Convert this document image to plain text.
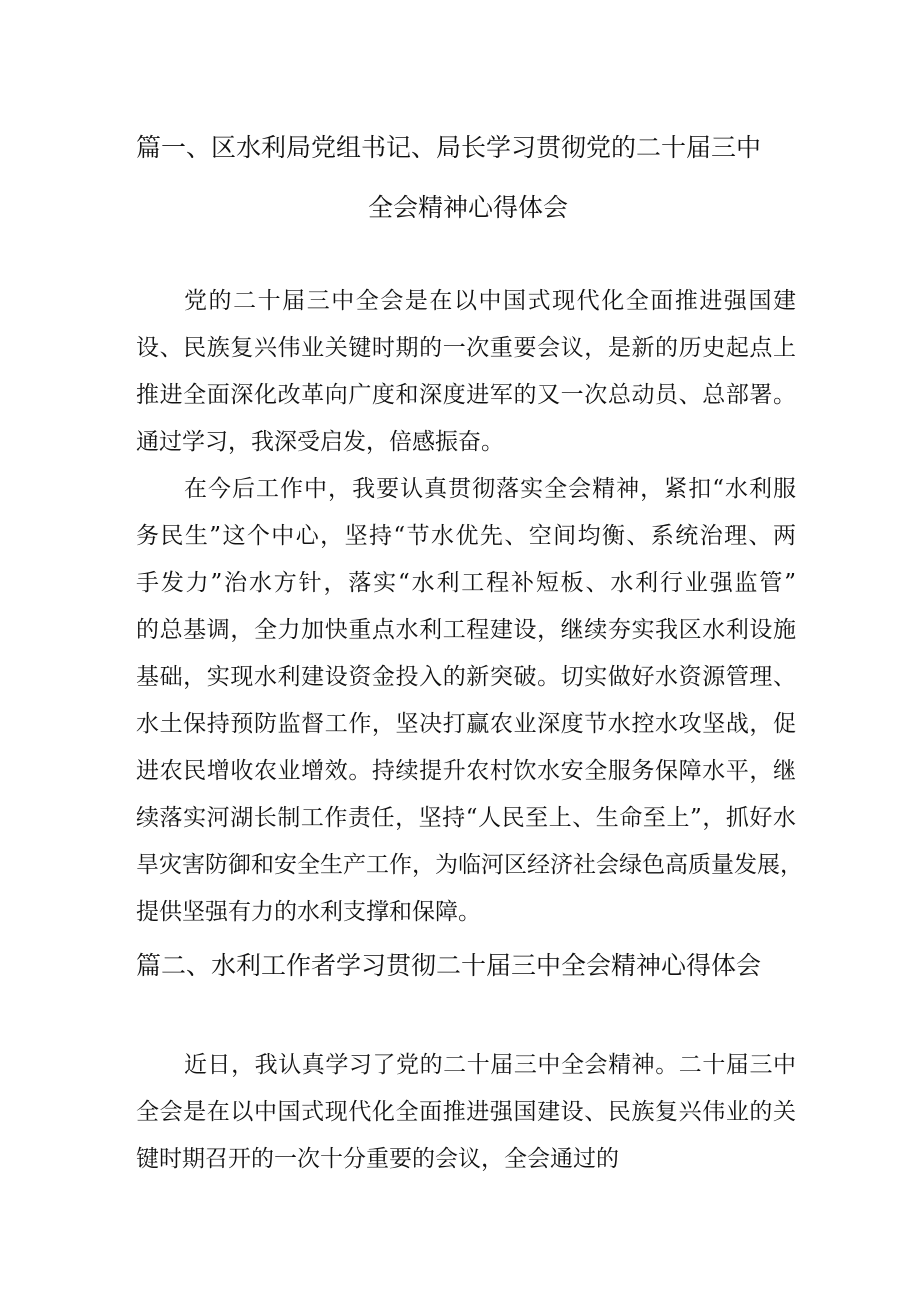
篇一、区水利局党组书记、局长学习贯彻党的二十届三中
全会精神心得体会
党的二十届三中全会是在以中国式现代化全面推进强国建
设、民族复兴伟业关键时期的一次重要会议，是新的历史起点上
推进全面深化改革向广度和深度进军的又一次总动员、总部署。
通过学习，我深受启发，倍感振奋。
在今后工作中，我要认真贯彻落实全会精神，紧扣“水利服
务民生”这个中心，坚持“节水优先、空间均衡、系统治理、两
手发力”治水方针，落实“水利工程补短板、水利行业强监管”
的总基调，全力加快重点水利工程建设，继续夯实我区水利设施
基础，实现水利建设资金投入的新突破。切实做好水资源管理、
水土保持预防监督工作，坚决打赢农业深度节水控水攻坚战，促
进农民增收农业增效。持续提升农村饮水安全服务保障水平，继
续落实河湖长制工作责任，坚持“人民至上、生命至上”，抓好水
旱灾害防御和安全生产工作，为临河区经济社会绿色高质量发展，
提供坚强有力的水利支撑和保障。
篇二、水利工作者学习贯彻二十届三中全会精神心得体会
近日，我认真学习了党的二十届三中全会精神。二十届三中
全会是在以中国式现代化全面推进强国建设、民族复兴伟业的关
键时期召开的一次十分重要的会议，全会通过的
